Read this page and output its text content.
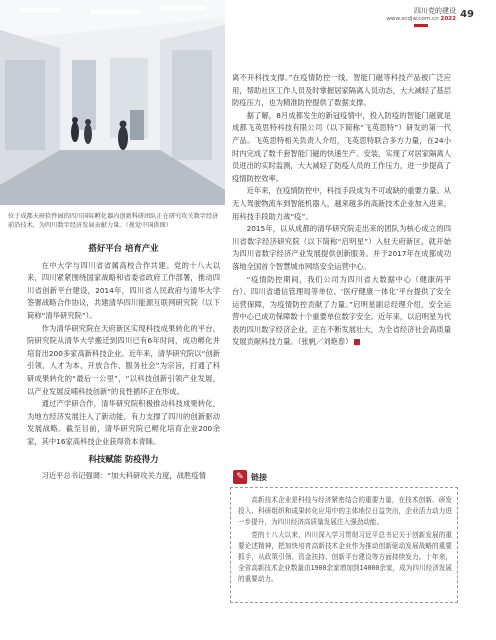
位于成都天府软件园的四川国际孵化器内创新科研团队正在研究攻关数字经济前沿技术，为四川数字经济发展贡献力量。（视觉中国供图）
四川党的建设
www.scdjw.com.cn 2022 49
搭好平台 培育产业

在中大学与四川省省属高校合作共建。党的十八大以来，四川紧紧围绕国家战略和省委省政府工作部署，推动四川省创新平台建设，2014年，四川省人民政府与清华大学签署战略合作协议，共建清华四川能源互联网研究院（以下简称“清华研究院”）。

作为清华研究院在天府新区实现科技成果转化的平台，院研究院从清华大学搬迁到四川已有6年时间，成功孵化并培育出200多家高新科技企业。近年来，清华研究院以“创新引领、人才为本、开放合作、服务社会”为宗旨，打通了科研成果转化的“最后一公里”，“以科技创新引领产业发展，以产业发展反哺科技创新”的良性循环正在形成。

通过产学研合作，清华研究院积极推动科技成果转化，为地方经济发展注入了新动能，有力支撑了四川的创新驱动发展战略。截至目前，清华研究院已孵化培育企业200余家，其中16家高科技企业获得资本青睐。

科技赋能 防疫得力

习近平总书记强调：“加大科研攻关力度，战胜疫情

离不开科技支撑。”在疫情防控一线，智能门磁等科技产品被广泛应用，帮助社区工作人员及时掌握居家隔离人员动态，大大减轻了基层防疫压力，也为精准防控提供了数据支撑。

据了解，8月成都发生的新冠疫情中，投入防疫的智能门磁就是成都飞英思特科技有限公司（以下简称“飞英思特”）研发的第一代产品。飞英思特相关负责人介绍，飞英思特联合多方力量，在24小时内完成了数千套智能门磁的快速生产、安装，实现了对居家隔离人员进出的实时监测，大大减轻了防疫人员的工作压力，进一步提高了疫情防控效率。

近年来，在疫情防控中，科技手段成为不可或缺的重要力量。从无人驾驶物流车到智能机器人，越来越多的高新技术企业加入进来，用科技手段助力战“疫”。

2015年，以从成都的清华研究院走出来的团队为核心成立的四川省数字经济研究院（以下简称“启明星”）入驻天府新区，就开始为四川省数字经济产业发展提供创新服务。并于2017年在成都成功落地全国首个智慧城市网络安全运营中心。

“疫情防控期间，我们公司为四川省大数据中心（健康码平台）、四川省通信管理局等单位、‘医疗健康一体化’平台提供了安全运营保障，为疫情防控贡献了力量。”启明星副总经理介绍，安全运营中心已成功保障数十个重要单位数字安全。近年来，以启明星为代表的四川数字经济企业，正在不断发展壮大，为全省经济社会高质量发展贡献科技力量。（张帆／刘艳春）

✎ 链接

高新技术企业是科技与经济紧密结合的重要力量，在技术创新、研发投入、科研组织和成果转化应用中的主体地位日益突出，企业活力动力进一步提升，为四川经济高质量发展注入强劲动能。

党的十八大以来，四川深入学习贯彻习近平总书记关于创新发展的重要论述精神，把加快培育高新技术企业作为推动创新驱动发展战略的重要抓手，从政策引领、资金扶持、创新平台建设等方面持续发力。十年来，全省高新技术企业数量由1900余家增加到14000余家，成为四川经济发展的重要动力。
